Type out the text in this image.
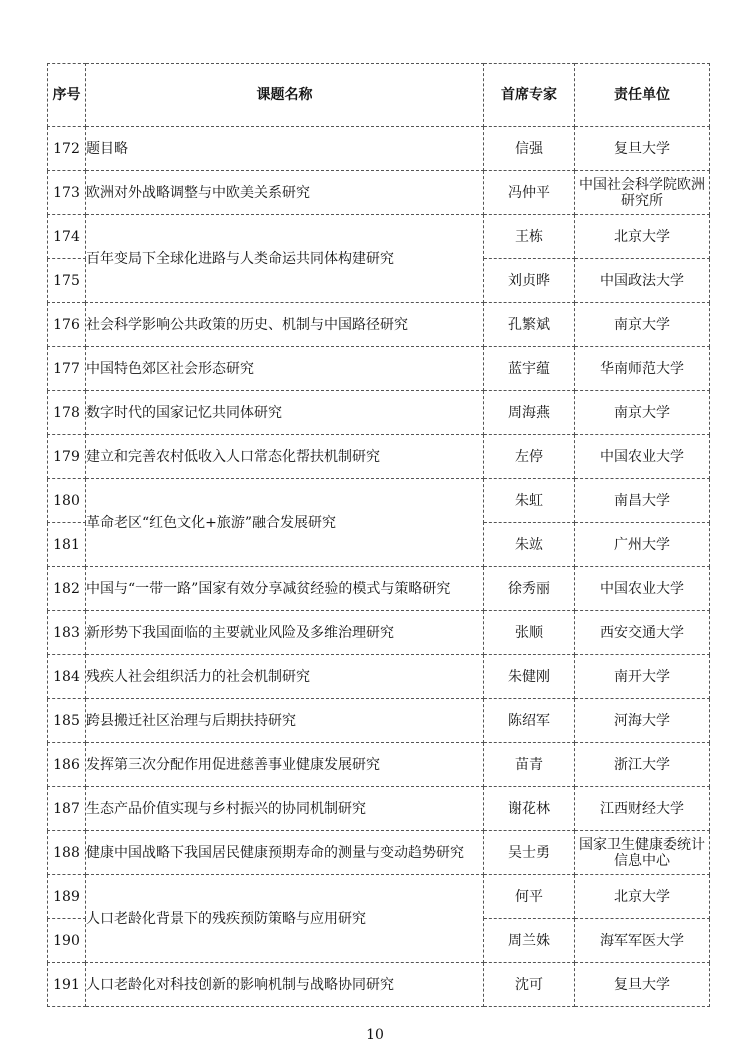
序号	课题名称	首席专家	责任单位
172	题目略	信强	复旦大学
173	欧洲对外战略调整与中欧美关系研究	冯仲平	中国社会科学院欧洲研究所
174	百年变局下全球化进路与人类命运共同体构建研究	王栋	北京大学
175		刘贞晔	中国政法大学
176	社会科学影响公共政策的历史、机制与中国路径研究	孔繁斌	南京大学
177	中国特色郊区社会形态研究	蓝宇蕴	华南师范大学
178	数字时代的国家记忆共同体研究	周海燕	南京大学
179	建立和完善农村低收入人口常态化帮扶机制研究	左停	中国农业大学
180	革命老区“红色文化+旅游”融合发展研究	朱虹	南昌大学
181		朱竑	广州大学
182	中国与“一带一路”国家有效分享减贫经验的模式与策略研究	徐秀丽	中国农业大学
183	新形势下我国面临的主要就业风险及多维治理研究	张顺	西安交通大学
184	残疾人社会组织活力的社会机制研究	朱健刚	南开大学
185	跨县搬迁社区治理与后期扶持研究	陈绍军	河海大学
186	发挥第三次分配作用促进慈善事业健康发展研究	苗青	浙江大学
187	生态产品价值实现与乡村振兴的协同机制研究	谢花林	江西财经大学
188	健康中国战略下我国居民健康预期寿命的测量与变动趋势研究	吴士勇	国家卫生健康委统计信息中心
189	人口老龄化背景下的残疾预防策略与应用研究	何平	北京大学
190		周兰姝	海军军医大学
191	人口老龄化对科技创新的影响机制与战略协同研究	沈可	复旦大学
10
